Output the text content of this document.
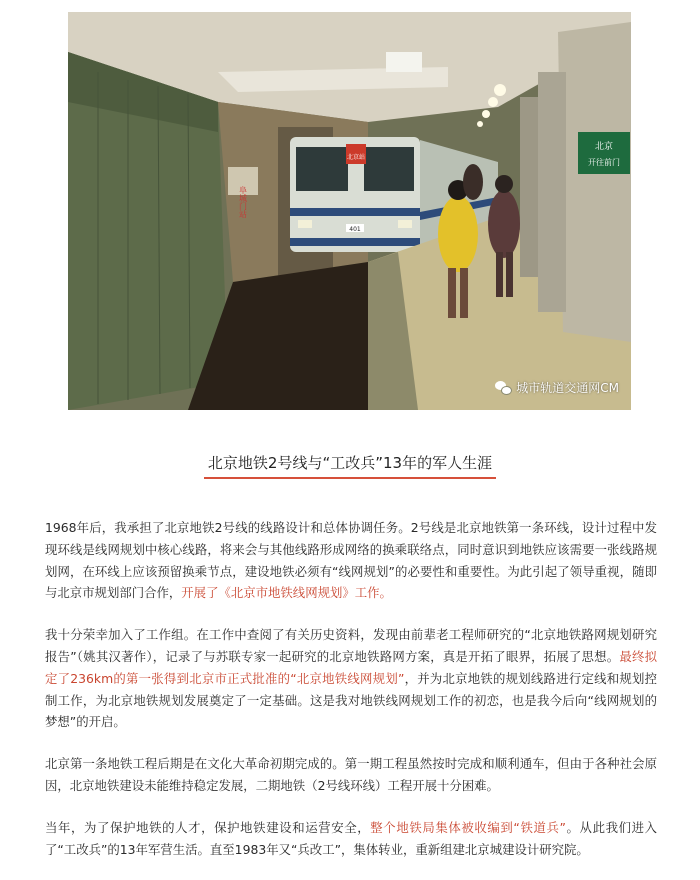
阜城门站
北京站
401
北京
开往前门
城市轨道交通网CM
北京地铁2号线与“工改兵”13年的军人生涯

1968年后，我承担了北京地铁2号线的线路设计和总体协调任务。2号线是北京地铁第一条环线，设计过程中发现环线是线网规划中核心线路，将来会与其他线路形成网络的换乘联络点，同时意识到地铁应该需要一张线路规划网，在环线上应该预留换乘节点，建设地铁必须有“线网规划”的必要性和重要性。为此引起了领导重视，随即与北京市规划部门合作，开展了《北京市地铁线网规划》工作。

我十分荣幸加入了工作组。在工作中查阅了有关历史资料，发现由前辈老工程师研究的“北京地铁路网规划研究报告”（姚其汉著作），记录了与苏联专家一起研究的北京地铁路网方案，真是开拓了眼界，拓展了思想。最终拟定了236km的第一张得到北京市正式批准的“北京地铁线网规划”，并为北京地铁的规划线路进行定线和规划控制工作，为北京地铁规划发展奠定了一定基础。这是我对地铁线网规划工作的初恋，也是我今后向“线网规划的梦想”的开启。

北京第一条地铁工程后期是在文化大革命初期完成的。第一期工程虽然按时完成和顺利通车，但由于各种社会原因，北京地铁建设未能维持稳定发展，二期地铁（2号线环线）工程开展十分困难。

当年，为了保护地铁的人才，保护地铁建设和运营安全，整个地铁局集体被收编到“铁道兵”。从此我们进入了“工改兵”的13年军营生活。直至1983年又“兵改工”，集体转业，重新组建北京城建设计研究院。
